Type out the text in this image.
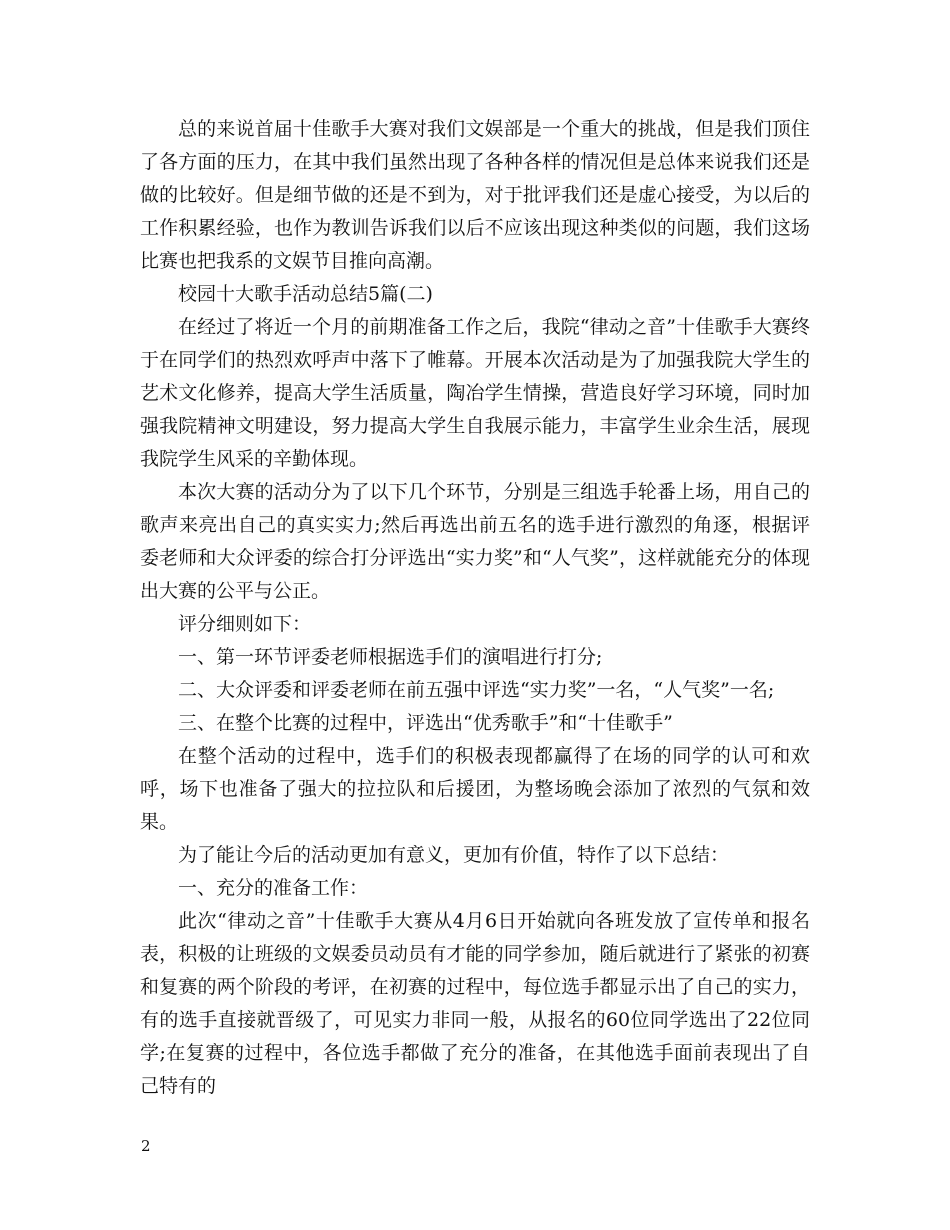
总的来说首届十佳歌手大赛对我们文娱部是一个重大的挑战，但是我们顶住了各方面的压力，在其中我们虽然出现了各种各样的情况但是总体来说我们还是做的比较好。但是细节做的还是不到为，对于批评我们还是虚心接受，为以后的工作积累经验，也作为教训告诉我们以后不应该出现这种类似的问题，我们这场比赛也把我系的文娱节目推向高潮。

校园十大歌手活动总结5篇(二)

在经过了将近一个月的前期准备工作之后，我院“律动之音”十佳歌手大赛终于在同学们的热烈欢呼声中落下了帷幕。开展本次活动是为了加强我院大学生的艺术文化修养，提高大学生活质量，陶冶学生情操，营造良好学习环境，同时加强我院精神文明建设，努力提高大学生自我展示能力，丰富学生业余生活，展现我院学生风采的辛勤体现。

本次大赛的活动分为了以下几个环节，分别是三组选手轮番上场，用自己的歌声来亮出自己的真实实力;然后再选出前五名的选手进行激烈的角逐，根据评委老师和大众评委的综合打分评选出“实力奖”和“人气奖”，这样就能充分的体现出大赛的公平与公正。

评分细则如下：

一、第一环节评委老师根据选手们的演唱进行打分;

二、大众评委和评委老师在前五强中评选“实力奖”一名，“人气奖”一名;

三、在整个比赛的过程中，评选出“优秀歌手”和“十佳歌手”

在整个活动的过程中，选手们的积极表现都赢得了在场的同学的认可和欢呼，场下也准备了强大的拉拉队和后援团，为整场晚会添加了浓烈的气氛和效果。

为了能让今后的活动更加有意义，更加有价值，特作了以下总结：

一、充分的准备工作：

此次“律动之音”十佳歌手大赛从4月6日开始就向各班发放了宣传单和报名表，积极的让班级的文娱委员动员有才能的同学参加，随后就进行了紧张的初赛和复赛的两个阶段的考评，在初赛的过程中，每位选手都显示出了自己的实力，有的选手直接就晋级了，可见实力非同一般，从报名的60位同学选出了22位同学;在复赛的过程中，各位选手都做了充分的准备，在其他选手面前表现出了自己特有的

2
